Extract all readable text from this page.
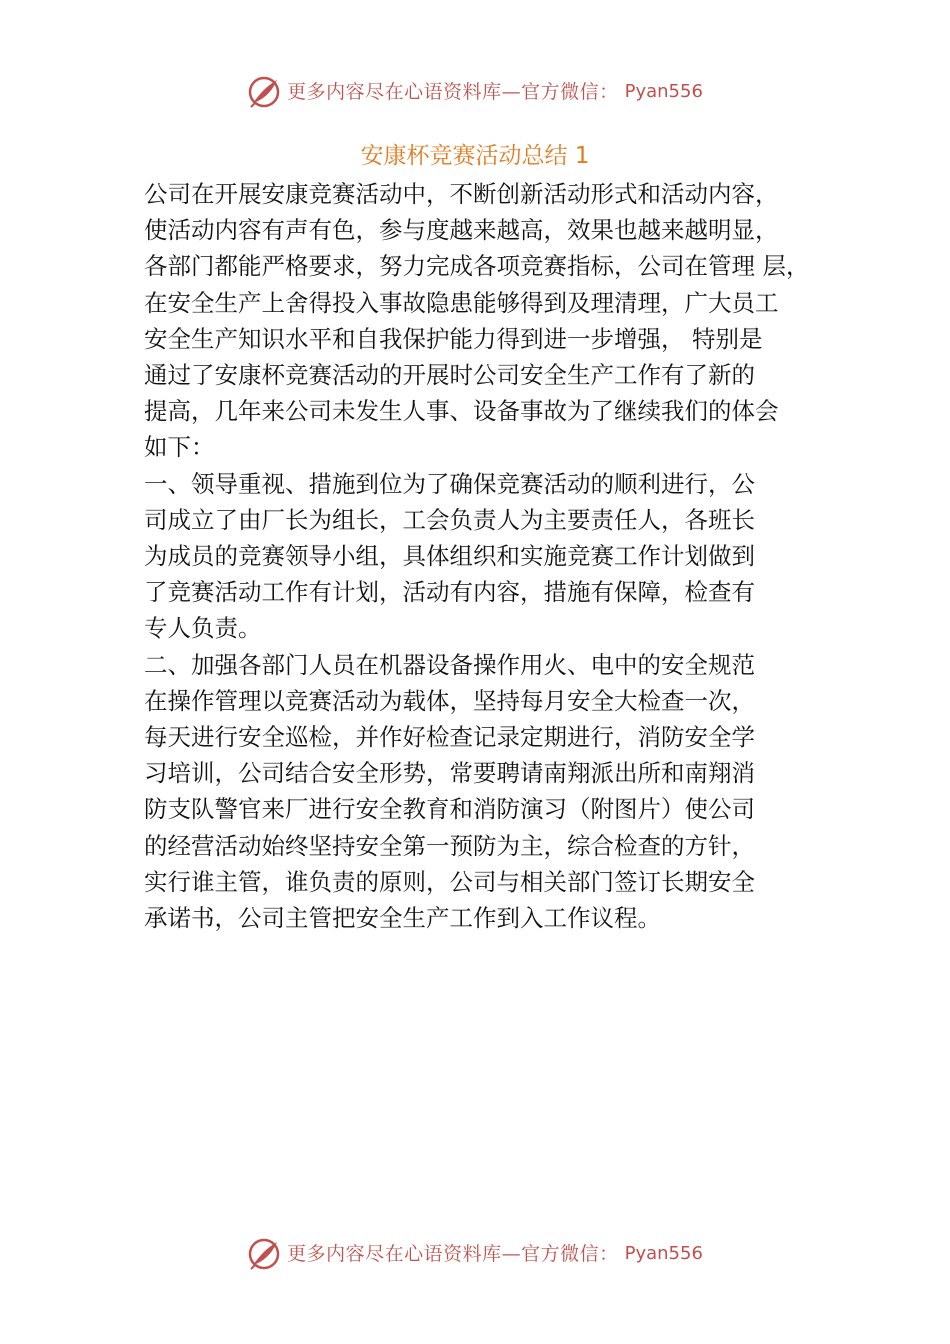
更多内容尽在心语资料库—官方微信： Pyan556
安康杯竞赛活动总结 1
公司在开展安康竞赛活动中，不断创新活动形式和活动内容，
使活动内容有声有色，参与度越来越高，效果也越来越明显，
各部门都能严格要求，努力完成各项竞赛指标，公司在管理 层，
在安全生产上舍得投入事故隐患能够得到及理清理，广大员工
安全生产知识水平和自我保护能力得到进一步增强， 特别是
通过了安康杯竞赛活动的开展时公司安全生产工作有了新的
提高，几年来公司未发生人事、设备事故为了继续我们的体会
如下：
一、领导重视、措施到位为了确保竞赛活动的顺利进行，公
司成立了由厂长为组长，工会负责人为主要责任人，各班长
为成员的竞赛领导小组，具体组织和实施竞赛工作计划做到
了竞赛活动工作有计划，活动有内容，措施有保障，检查有
专人负责。
二、加强各部门人员在机器设备操作用火、电中的安全规范
在操作管理以竞赛活动为载体，坚持每月安全大检查一次，
每天进行安全巡检，并作好检查记录定期进行，消防安全学
习培训，公司结合安全形势，常要聘请南翔派出所和南翔消
防支队警官来厂进行安全教育和消防演习（附图片）使公司
的经营活动始终坚持安全第一预防为主，综合检查的方针，
实行谁主管，谁负责的原则，公司与相关部门签订长期安全
承诺书，公司主管把安全生产工作到入工作议程。
更多内容尽在心语资料库—官方微信： Pyan556
